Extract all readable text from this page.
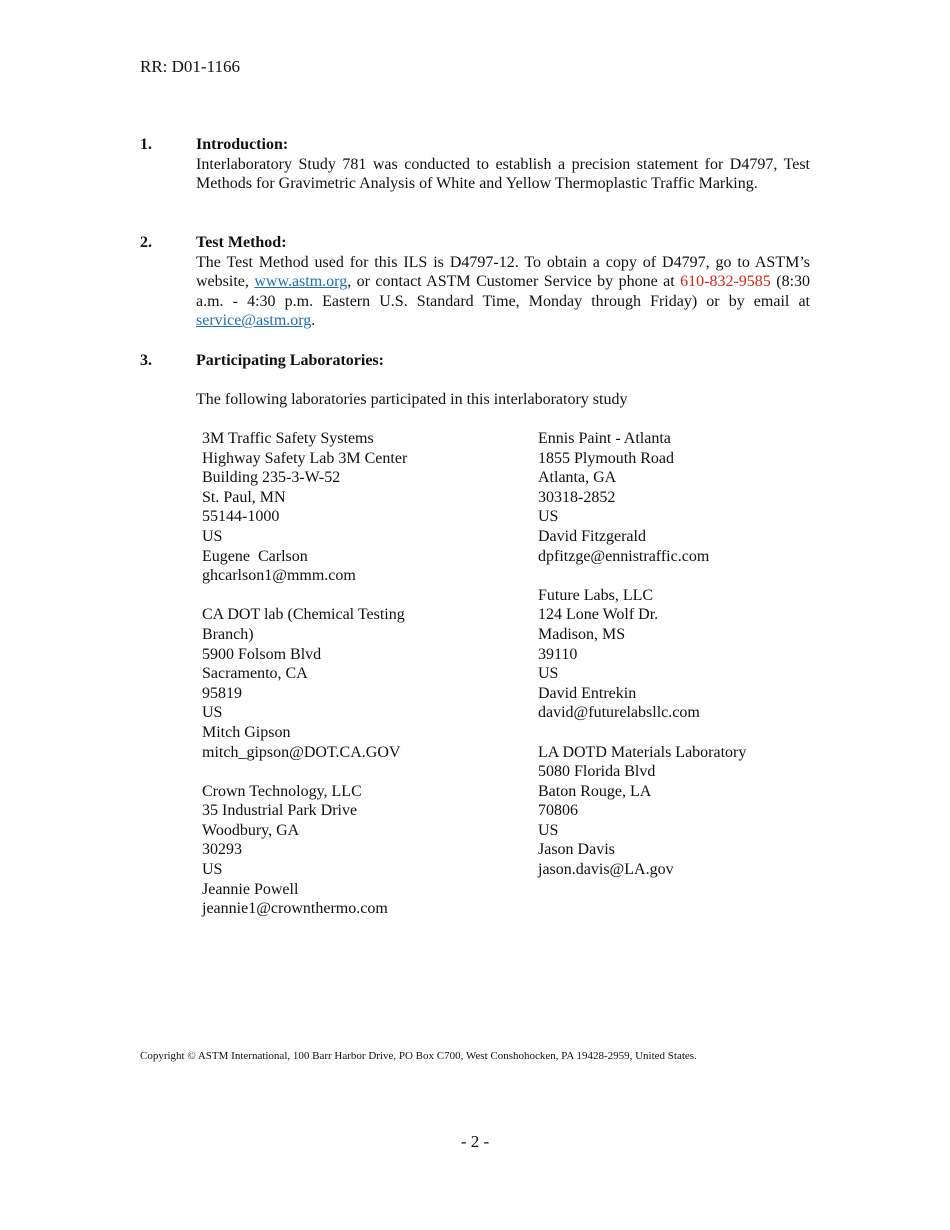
RR: D01-1166
1.	Introduction:
Interlaboratory Study 781 was conducted to establish a precision statement for D4797, Test Methods for Gravimetric Analysis of White and Yellow Thermoplastic Traffic Marking.
2.	Test Method:
The Test Method used for this ILS is D4797-12. To obtain a copy of D4797, go to ASTM’s website, www.astm.org, or contact ASTM Customer Service by phone at 610-832-9585 (8:30 a.m. - 4:30 p.m. Eastern U.S. Standard Time, Monday through Friday) or by email at service@astm.org.
3.	Participating Laboratories:
The following laboratories participated in this interlaboratory study
3M Traffic Safety Systems
Highway Safety Lab 3M Center
Building 235-3-W-52
St. Paul, MN
55144-1000
US
Eugene  Carlson
ghcarlson1@mmm.com
CA DOT lab (Chemical Testing Branch)
5900 Folsom Blvd
Sacramento, CA
95819
US
Mitch Gipson
mitch_gipson@DOT.CA.GOV
Crown Technology, LLC
35 Industrial Park Drive
Woodbury, GA
30293
US
Jeannie Powell
jeannie1@crownthermo.com
Ennis Paint - Atlanta
1855 Plymouth Road
Atlanta, GA
30318-2852
US
David Fitzgerald
dpfitzge@ennistraffic.com
Future Labs, LLC
124 Lone Wolf Dr.
Madison, MS
39110
US
David Entrekin
david@futurelabsllc.com
LA DOTD Materials Laboratory
5080 Florida Blvd
Baton Rouge, LA
70806
US
Jason Davis
jason.davis@LA.gov
Copyright © ASTM International, 100 Barr Harbor Drive, PO Box C700, West Conshohocken, PA 19428-2959, United States.
- 2 -
